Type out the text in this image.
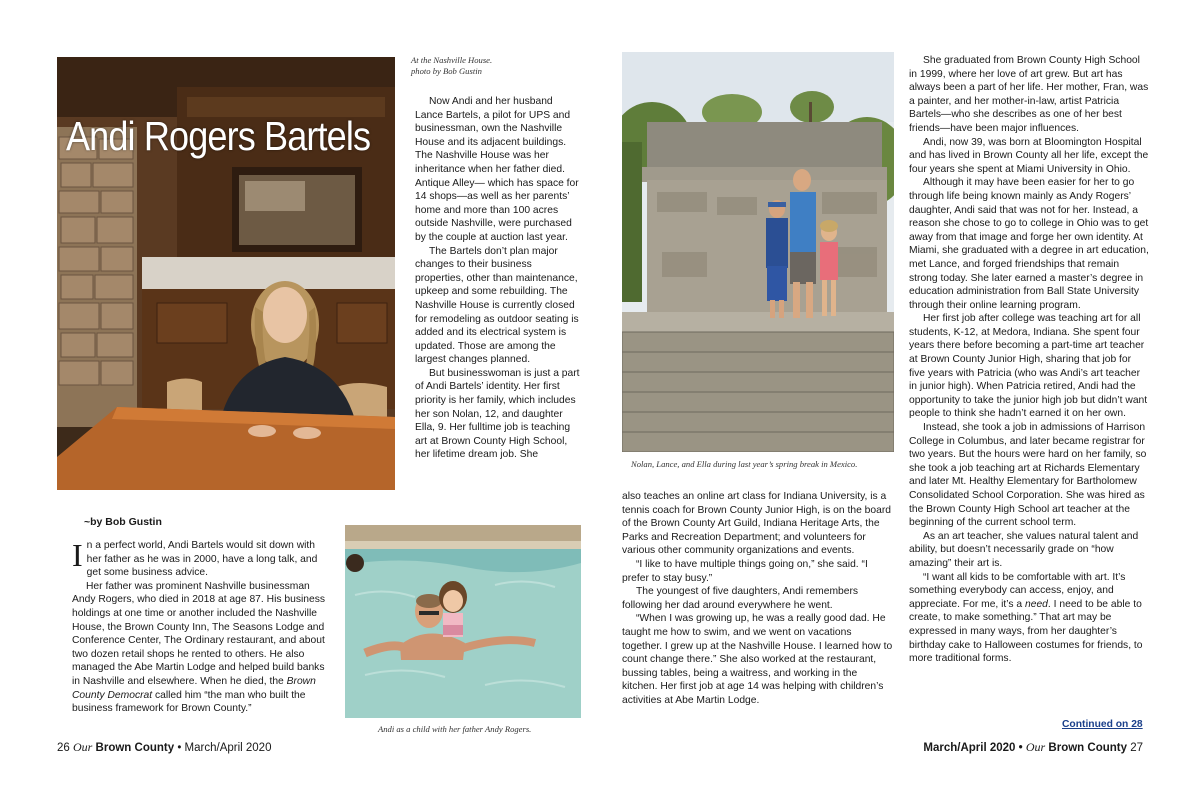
Andi Rogers Bartels
At the Nashville House.
photo by Bob Gustin

Now Andi and her husband Lance Bartels, a pilot for UPS and businessman, own the Nashville House and its adjacent buildings. The Nashville House was her inheritance when her father died. Antique Alley— which has space for 14 shops—as well as her parents’ home and more than 100 acres outside Nashville, were purchased by the couple at auction last year.

The Bartels don’t plan major changes to their business properties, other than maintenance, upkeep and some rebuilding. The Nashville House is currently closed for remodeling as outdoor seating is added and its electrical system is updated. Those are among the largest changes planned.

But businesswoman is just a part of Andi Bartels’ identity. Her first priority is her family, which includes her son Nolan, 12, and daughter Ella, 9. Her fulltime job is teaching art at Brown County High School, her lifetime dream job. She

~by Bob Gustin
I n a perfect world, Andi Bartels would sit down with her father as he was in 2000, have a long talk, and get some business advice.

Her father was prominent Nashville businessman Andy Rogers, who died in 2018 at age 87. His business holdings at one time or another included the Nashville House, the Brown County Inn, The Seasons Lodge and Conference Center, The Ordinary restaurant, and about two dozen retail shops he rented to others. He also managed the Abe Martin Lodge and helped build banks in Nashville and elsewhere. When he died, the Brown County Democrat called him “the man who built the business framework for Brown County.”

Andi as a child with her father Andy Rogers.
26 Our Brown County • March/April 2020
Nolan, Lance, and Ella during last year’s spring break in Mexico.

also teaches an online art class for Indiana University, is a tennis coach for Brown County Junior High, is on the board of the Brown County Art Guild, Indiana Heritage Arts, the Parks and Recreation Department; and volunteers for various other community organizations and events.

“I like to have multiple things going on,” she said. “I prefer to stay busy.”

The youngest of five daughters, Andi remembers following her dad around everywhere he went.

“When I was growing up, he was a really good dad. He taught me how to swim, and we went on vacations together. I grew up at the Nashville House. I learned how to count change there.” She also worked at the restaurant, bussing tables, being a waitress, and working in the kitchen. Her first job at age 14 was helping with children’s activities at Abe Martin Lodge.

She graduated from Brown County High School in 1999, where her love of art grew. But art has always been a part of her life. Her mother, Fran, was a painter, and her mother-in-law, artist Patricia Bartels—who she describes as one of her best friends—have been major influences.

Andi, now 39, was born at Bloomington Hospital and has lived in Brown County all her life, except the four years she spent at Miami University in Ohio.

Although it may have been easier for her to go through life being known mainly as Andy Rogers’ daughter, Andi said that was not for her. Instead, a reason she chose to go to college in Ohio was to get away from that image and forge her own identity. At Miami, she graduated with a degree in art education, met Lance, and forged friendships that remain strong today. She later earned a master’s degree in education administration from Ball State University through their online learning program.

Her first job after college was teaching art for all students, K-12, at Medora, Indiana. She spent four years there before becoming a part-time art teacher at Brown County Junior High, sharing that job for five years with Patricia (who was Andi’s art teacher in junior high). When Patricia retired, Andi had the opportunity to take the junior high job but didn’t want people to think she hadn’t earned it on her own.

Instead, she took a job in admissions of Harrison College in Columbus, and later became registrar for two years. But the hours were hard on her family, so she took a job teaching art at Richards Elementary and later Mt. Healthy Elementary for Bartholomew Consolidated School Corporation. She was hired as the Brown County High School art teacher at the beginning of the current school term.

As an art teacher, she values natural talent and ability, but doesn’t necessarily grade on “how amazing” their art is.

“I want all kids to be comfortable with art. It’s something everybody can access, enjoy, and appreciate. For me, it’s a need. I need to be able to create, to make something.” That art may be expressed in many ways, from her daughter’s birthday cake to Halloween costumes for friends, to more traditional forms.

Continued on 28
March/April 2020 • Our Brown County 27
